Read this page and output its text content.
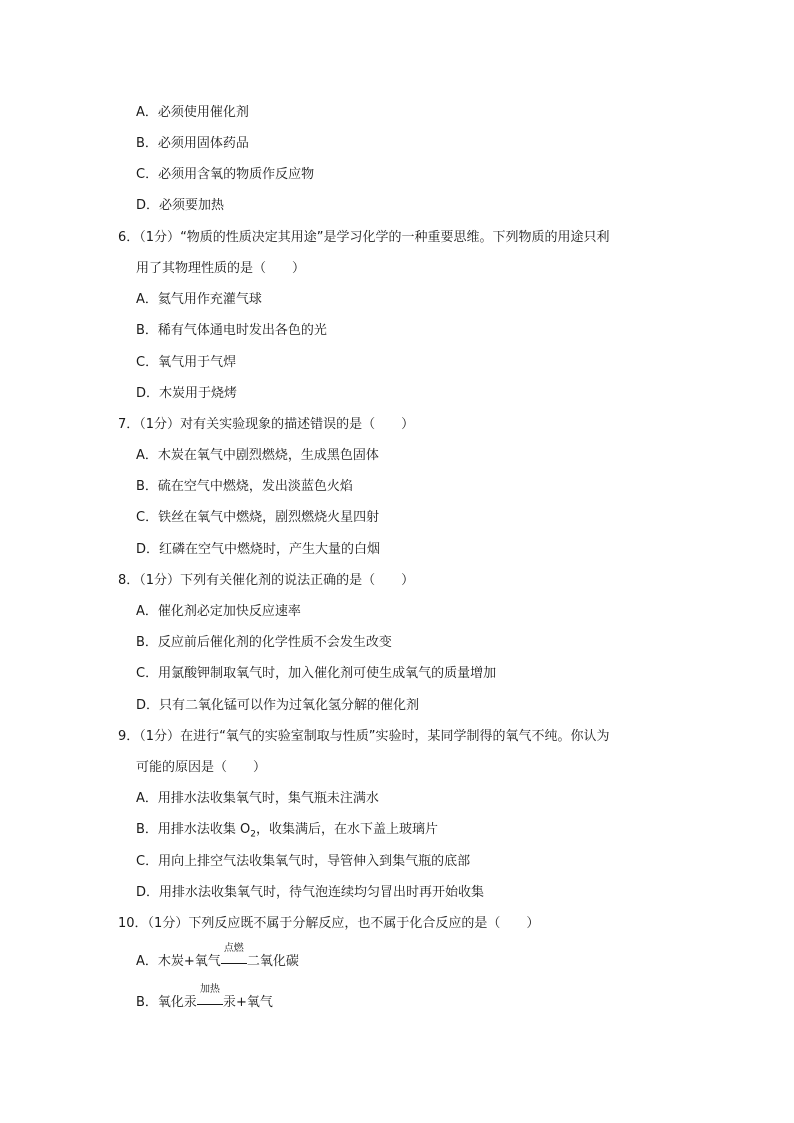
A．必须使用催化剂
B．必须用固体药品
C．必须用含氧的物质作反应物
D．必须要加热
6．（1分）“物质的性质决定其用途”是学习化学的一种重要思维。下列物质的用途只利
用了其物理性质的是（　　）
A．氦气用作充灌气球
B．稀有气体通电时发出各色的光
C．氧气用于气焊
D．木炭用于烧烤
7．（1分）对有关实验现象的描述错误的是（　　）
A．木炭在氧气中剧烈燃烧，生成黑色固体
B．硫在空气中燃烧，发出淡蓝色火焰
C．铁丝在氧气中燃烧，剧烈燃烧火星四射
D．红磷在空气中燃烧时，产生大量的白烟
8．（1分）下列有关催化剂的说法正确的是（　　）
A．催化剂必定加快反应速率
B．反应前后催化剂的化学性质不会发生改变
C．用氯酸钾制取氧气时，加入催化剂可使生成氧气的质量增加
D．只有二氧化锰可以作为过氧化氢分解的催化剂
9．（1分）在进行“氧气的实验室制取与性质”实验时，某同学制得的氧气不纯。你认为
可能的原因是（　　）
A．用排水法收集氧气时，集气瓶未注满水
B．用排水法收集 $O_2$，收集满后，在水下盖上玻璃片
C．用向上排空气法收集氧气时，导管伸入到集气瓶的底部
D．用排水法收集氧气时，待气泡连续均匀冒出时再开始收集
10．（1分）下列反应既不属于分解反应，也不属于化合反应的是（　　）
A．木炭+氧气
点燃
二氧化碳
B．氧化汞
加热
汞+氧气
